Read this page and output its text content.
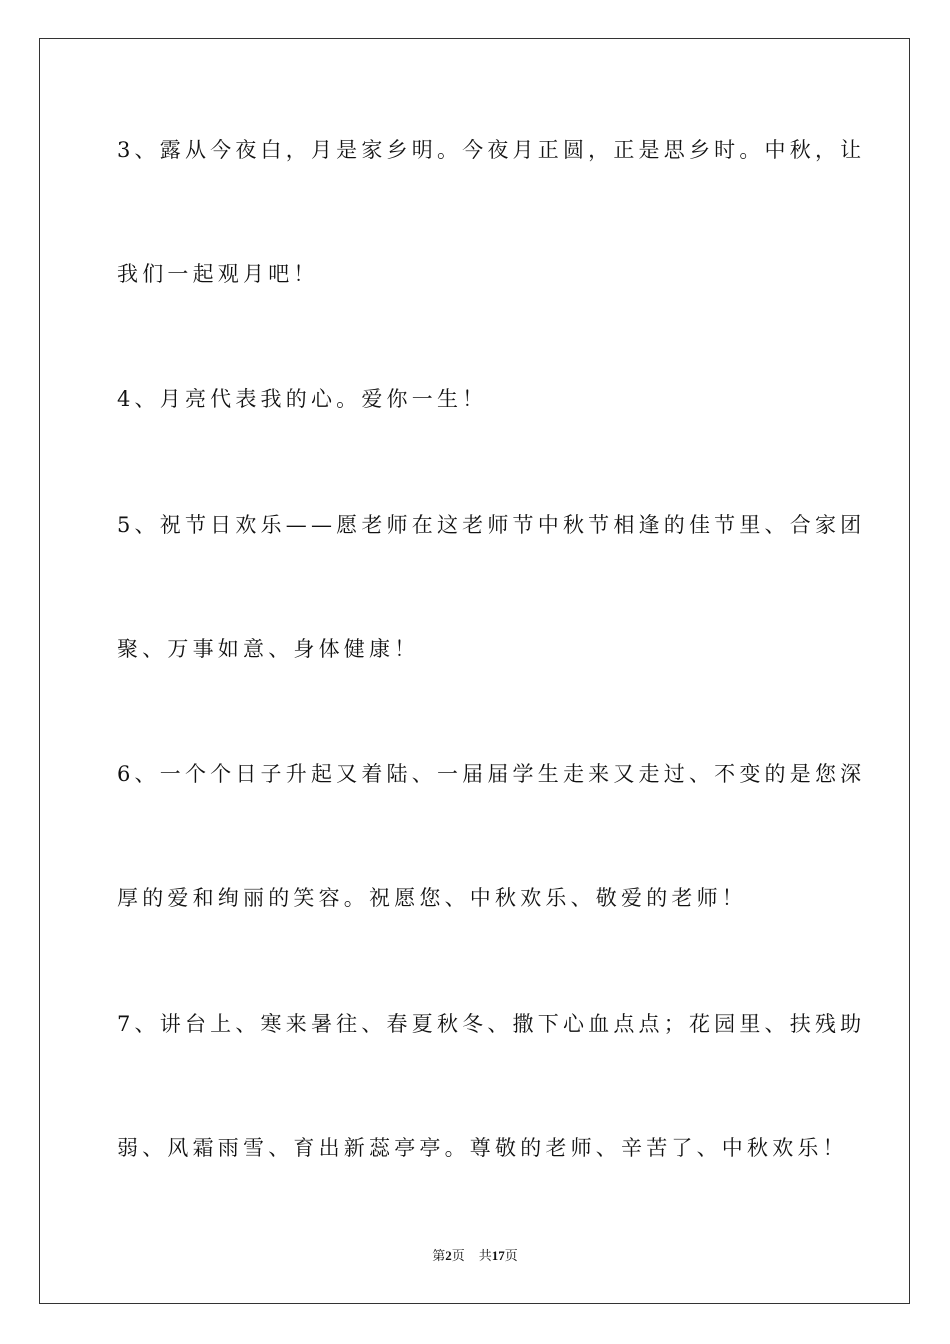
3、露从今夜白，月是家乡明。今夜月正圆，正是思乡时。中秋，让
我们一起观月吧！
4、月亮代表我的心。爱你一生！
5、祝节日欢乐——愿老师在这老师节中秋节相逢的佳节里、合家团
聚、万事如意、身体健康！
6、一个个日子升起又着陆、一届届学生走来又走过、不变的是您深
厚的爱和绚丽的笑容。祝愿您、中秋欢乐、敬爱的老师！
7、讲台上、寒来暑往、春夏秋冬、撒下心血点点；花园里、扶残助
弱、风霜雨雪、育出新蕊亭亭。尊敬的老师、辛苦了、中秋欢乐！
第2页 共17页
